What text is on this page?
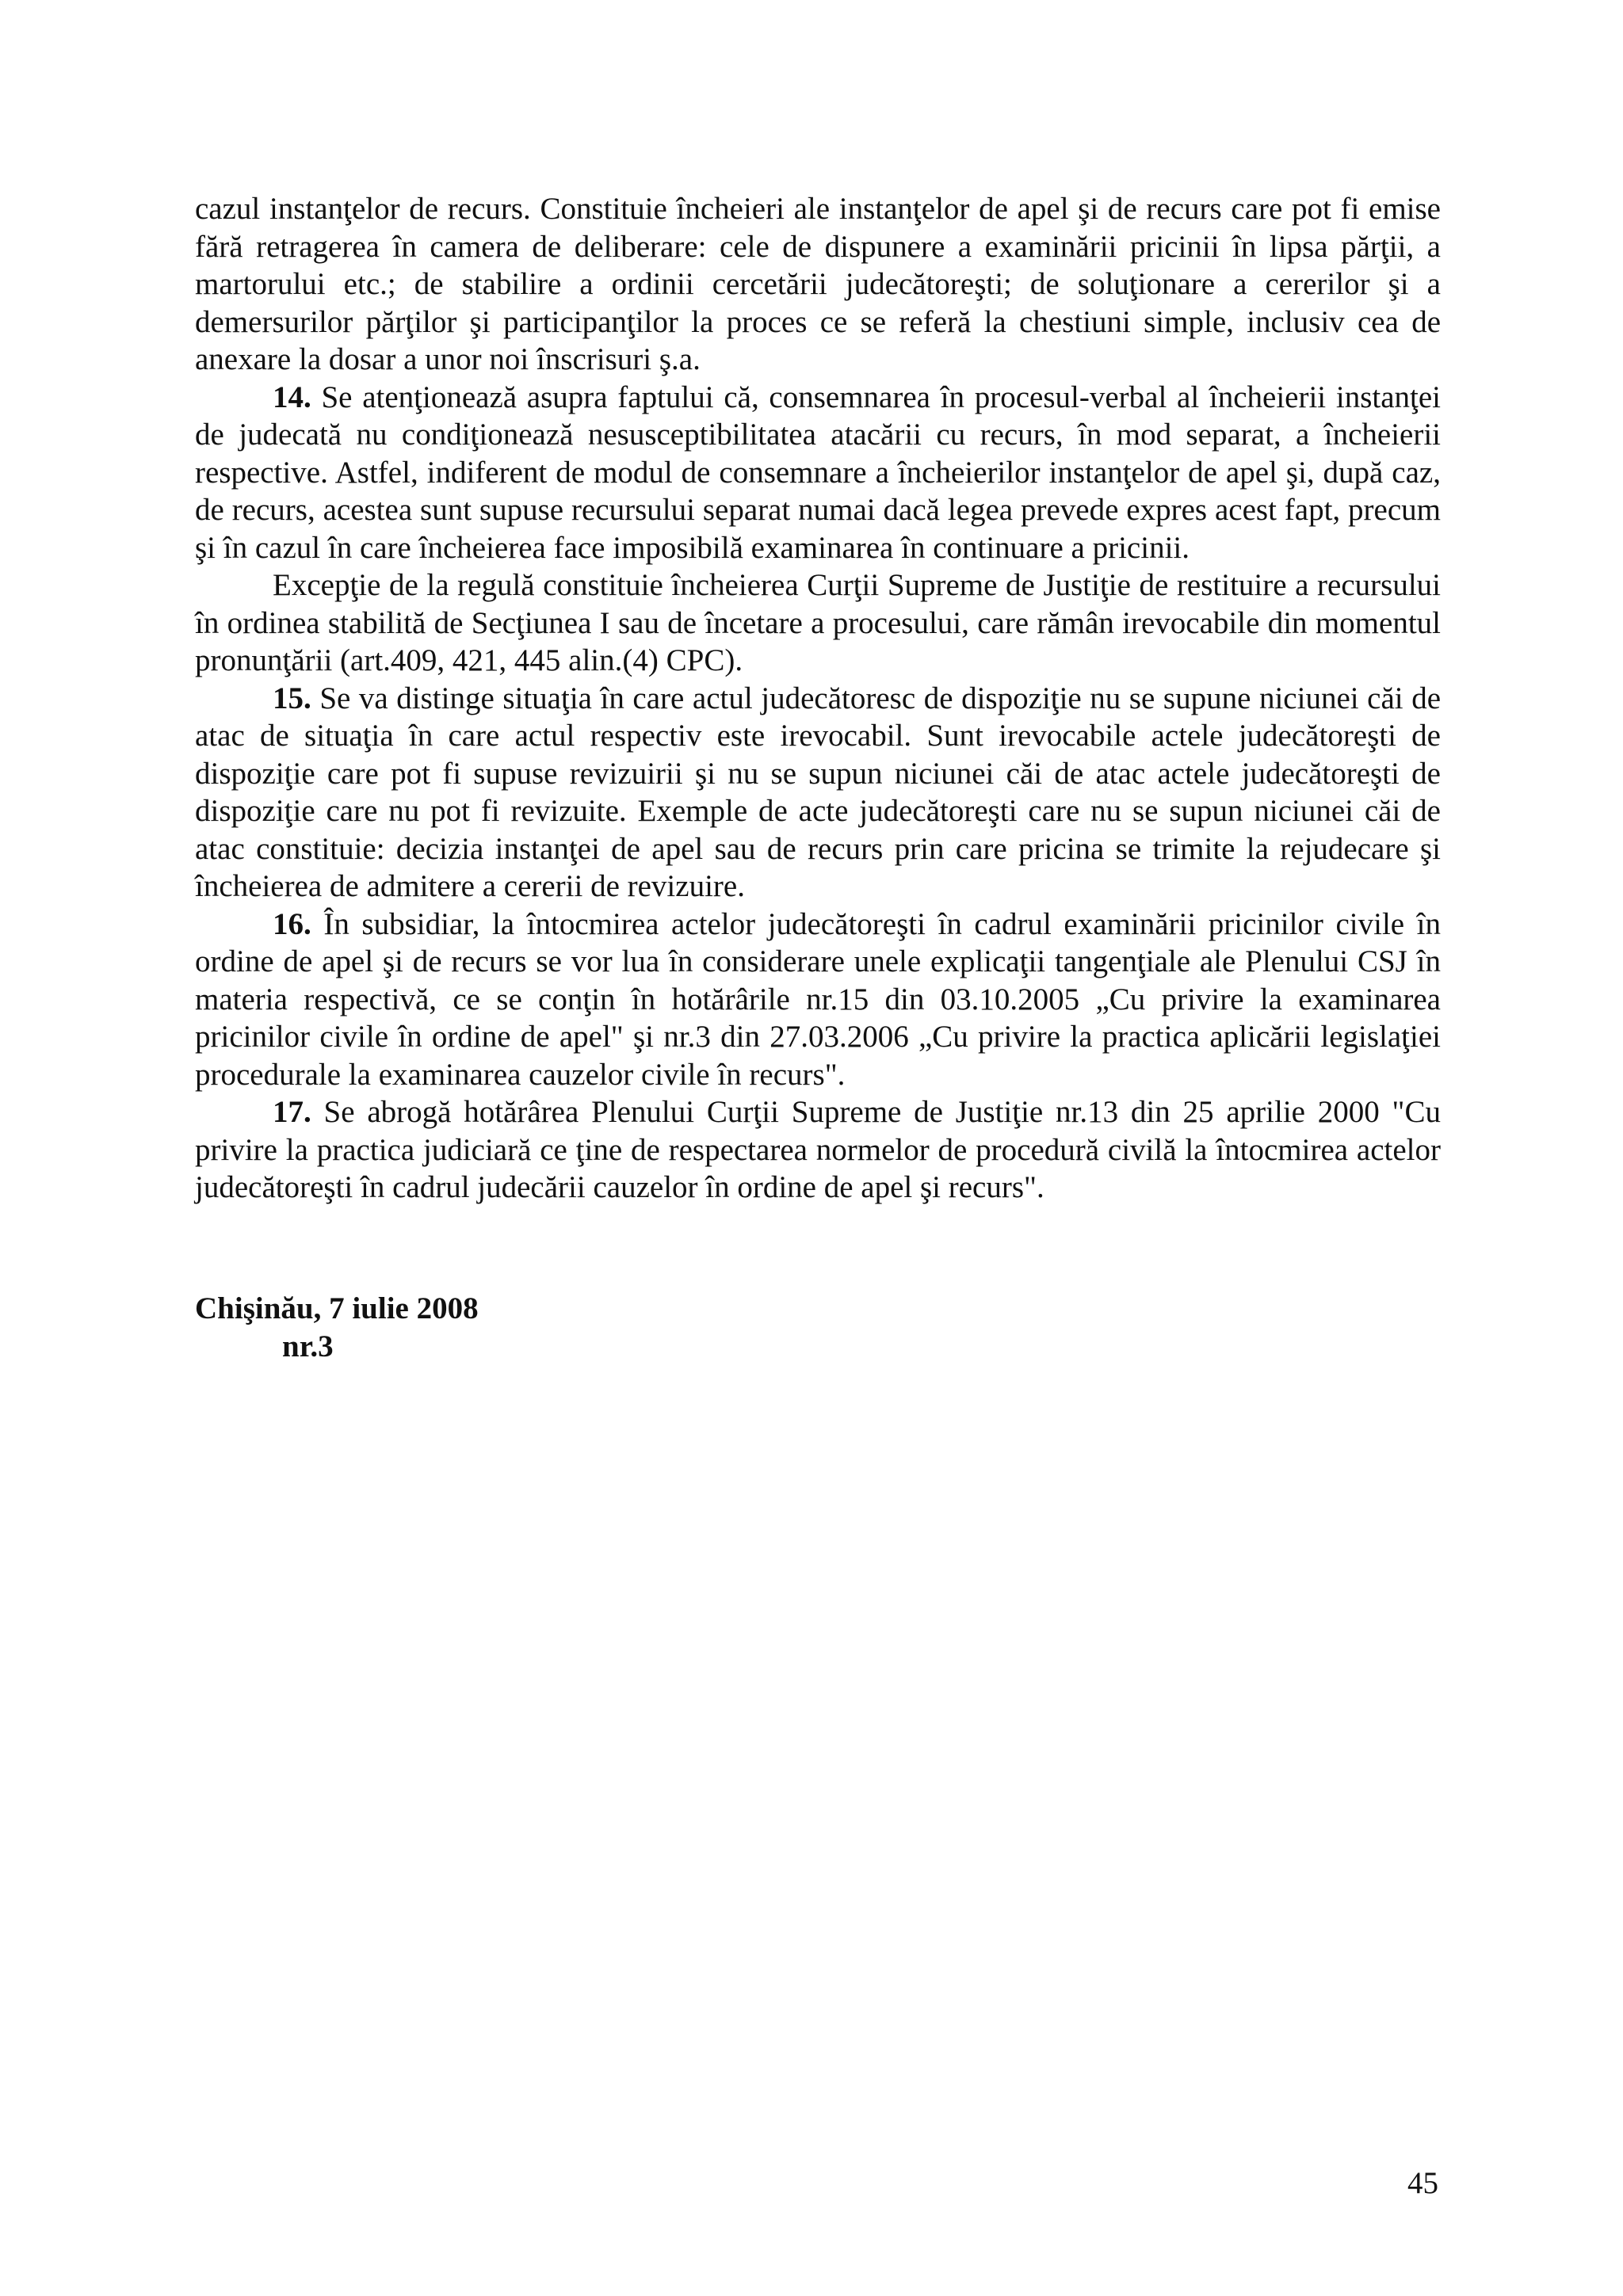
cazul instanţelor de recurs. Constituie încheieri ale instanţelor de apel şi de recurs care pot fi emise fără retragerea în camera de deliberare: cele de dispunere a examinării pricinii în lipsa părţii, a martorului etc.; de stabilire a ordinii cercetării judecătoreşti; de soluţionare a cererilor şi a demersurilor părţilor şi participanţilor la proces ce se referă la chestiuni simple, inclusiv cea de anexare la dosar a unor noi înscrisuri ş.a.

14. Se atenţionează asupra faptului că, consemnarea în procesul-verbal al încheierii instanţei de judecată nu condiţionează nesusceptibilitatea atacării cu recurs, în mod separat, a încheierii respective. Astfel, indiferent de modul de consemnare a încheierilor instanţelor de apel şi, după caz, de recurs, acestea sunt supuse recursului separat numai dacă legea prevede expres acest fapt, precum şi în cazul în care încheierea face imposibilă examinarea în continuare a pricinii.

Excepţie de la regulă constituie încheierea Curţii Supreme de Justiţie de restituire a recursului în ordinea stabilită de Secţiunea I sau de încetare a procesului, care rămân irevocabile din momentul pronunţării (art.409, 421, 445 alin.(4) CPC).

15. Se va distinge situaţia în care actul judecătoresc de dispoziţie nu se supune niciunei căi de atac de situaţia în care actul respectiv este irevocabil. Sunt irevocabile actele judecătoreşti de dispoziţie care pot fi supuse revizuirii şi nu se supun niciunei căi de atac actele judecătoreşti de dispoziţie care nu pot fi revizuite. Exemple de acte judecătoreşti care nu se supun niciunei căi de atac constituie: decizia instanţei de apel sau de recurs prin care pricina se trimite la rejudecare şi încheierea de admitere a cererii de revizuire.

16. În subsidiar, la întocmirea actelor judecătoreşti în cadrul examinării pricinilor civile în ordine de apel şi de recurs se vor lua în considerare unele explicaţii tangenţiale ale Plenului CSJ în materia respectivă, ce se conţin în hotărârile nr.15 din 03.10.2005 „Cu privire la examinarea pricinilor civile în ordine de apel" şi nr.3 din 27.03.2006 „Cu privire la practica aplicării legislaţiei procedurale la examinarea cauzelor civile în recurs".

17. Se abrogă hotărârea Plenului Curţii Supreme de Justiţie nr.13 din 25 aprilie 2000 "Cu privire la practica judiciară ce ţine de respectarea normelor de procedură civilă la întocmirea actelor judecătoreşti în cadrul judecării cauzelor în ordine de apel şi recurs".

Chişinău, 7 iulie 2008
nr.3
45
